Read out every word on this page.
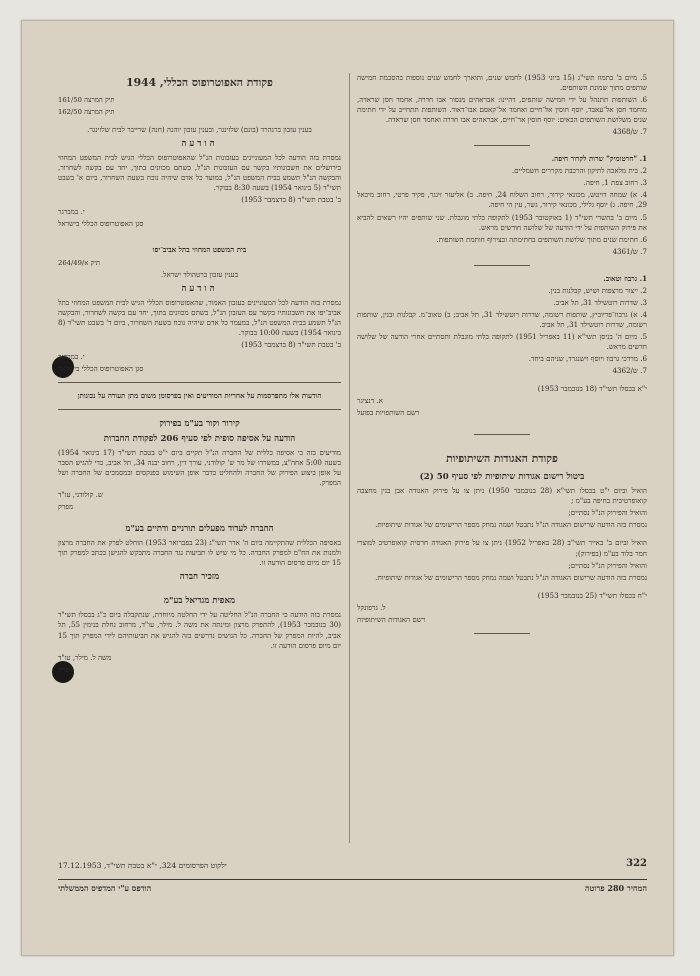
5. מיום ב' בתמוז תשי"ג (15 ביוני 1953) לחמש שנים, ותוארך לחמש שנים נוספות בהסכמת חמישה שותפים מתוך שמונת השותפים.

6. השותפות תתנהל על ידי חמישה שותפים, דהיינו: אבראהים מנסור אבו חדרה, אחמד חסן שראדה, מוחמד חסן אל־עאבד, יוסף חוסין אל־חיים ואחמד אל־קאסם אבו־דאוד. השותפות תתחייב על ידי חתימת שנים משלושת השותפים הבאים: יוסף חוסין אר־חיים, אבראהים אבו חדרה ואחמד חסן שראדה.

7. ש/4368

1. "חרטומיק" שרות לקרור חיפה.

2. בית מלאכה לתיקון והרכבת מקררים חשמליים.

3. רחוב צפת 1, חיפה.

4. א) שמחה דויטש, מכונאי קירור, רחוב השלוח 24, חיפה. ב) אליעזר זינגר, פקיד פרטי, רחוב מיכאל 29, חיפה. ג) יוסף גלילי, מכונאי קירור, גשר, עין הי חיפה.

5. מיום ב' בתשרי תשי"ד (1 באוקטובר 1953) לתקופה בלתי מוגבלת. שני שותפים יהיו רשאים להביא את פירוק השותפות על ידי הודעה של שלושה חודשים מראש.

6. חתימת שנים מתוך שלושת השותפים בחתימתה ובצירוף חותמת השותפות.

7. ש/4361

1. גרבוז וטאוב.

2. ייצור מרצפות ושיש, קבלנות בנין.

3. שדרות רוטשילד 31, תל אביב.

4. א) גרבוז־פריוביץ, שותפות רשומה, שדרות רוטשילד 31, תל אביב; ב) טאוב־מ. קבלנות ובנין, שותפות רשומה, שדרות רוטשילד 31, תל אביב.

5. מיום ה' בניסן תשי"א (11 באפריל 1951) לתקופה בלתי מוגבלת ותסתיים אחרי הודעה של שלושה חדשים מראש.

6. מרדכי גרבוז ויוסף וישנגרד, שניהם ביחד.

7. ש/4362

י"א בכסלו תשי"ד (18 בנובמבר 1953)

א. דנציגר

רשם השותפויות בפועל

פקודת האגודות השיתופיות
ביטול רישום אגודות שיתופיות לפי סעיף 50 (2)

הואיל וביום י"ט בכסלו תשי"א (28 בנובמבר 1950) ניתן צו על פירוק האגודה אבן בנין מחצבה קואופרטיבית בחיפה בע"מ ;

והואיל והפירוק הנ"ל נסתיים;

נמסרת בזה הודעה שרישום האגודה הנ"ל נתבטל ושמה נמחק מספר הרישומים של אגודות שיתופיות.

הואיל וביום ב' באייר תשי"ב (28 באפריל 1952) ניתן צו על פירוק האגודה חרסית קואופרטיב למוצרי חמר בלוד בע"מ (בפירוק);

והואיל והפירוק הנ"ל נסתיים;

נמסרת בזה הודעה שרישום האגודה הנ"ל נתבטל ושמה נמחק מספר הרישומים של אגודות שיתופיות.

י"ח בכסלו תשי"ד (25 בנובמבר 1953)

ל. גרפונקל

רשם האגודות השיתופיות

פקודת האפוטרופוס הכללי, 1944

תיק המרצה 161/50

תיק המרצה 162/50

בענין עזבון ברנהרד (בונם) שלזינגר, ובענין עזבון יוהנה (חנה) שרייבר לבית שלזינגר.

הודעה

נמסרת בזה הודעה לכל המעוניינים בעזבונות הנ"ל שהאפוטרופוס הכללי הגיש לבית המשפט המחוזי בירושלים את חשבונותיו בקשר עם העזבונות הנ"ל, בשתם מכוונים בתוך, יחד עם בקשה לשחרור, והבקשה הנ"ל תשמע בבית המשפט הנ"ל, במועד כל אדם שיהיה נוכח בשעת השחרור, ביום א' בשבט תשי"ד (5 בינואר 1954) בשעה 8:30 בבוקר.

ב' בטבת תשי"ד (8 בדצמבר 1953)

י. במברגר

סגן האפוטרופוס הכללי בישראל

בית המשפט המחוזי בתל אביב־יפו

תיק א/264/49

בענין עזבון ברטהולד ישראל.

הודעה

נמסרת בזה הודעה לכל המעוניינים בעזבון האמור, שהאפוטרופוס הכללי הגיש לבית המשפט המחוזי בתל אביב־יפו את חשבונותיו בקשר עם העזבון הנ"ל, בשתם מכוונים בתוך, יחד עם בקשה לשחרור, והבקשה הנ"ל תשמע בבית המשפט הנ"ל, במעמד כל אדם שיהיה נוכח בשעת השחרור, ביום ד' בשבט תשי"ד (8 בינואר 1954) בשעה 10:00 בבוקר.

ב' בטבת תשי"ד (8 בדצמבר 1953)

י. במברגר

סגן האפוטרופוס הכללי בישראל

הודעות אלו מתפרסמות על אחריות המודיעים ואין בפרסומן משום מתן תעודה על נכונותן

קירור וקור בע"מ בפירוק
הודעה על אסיפה סופית לפי סעיף 206 לפקודת החברות

מודיעים בזה כי אסיפה כללית של החברה הנ"ל תקיים ביום י"ט בטבת תשי"ד (17 בינואר 1954) בשעה 5:00 אחה"צ, במשרדו של מר ש' קולודני, עורך דין, רחוב יבנה 34, תל אביב, כדי להגיש הסבר על אופן ביצוע הפירוק של החברה ולהחליט בדבר אופן השימוש בפנקסים ובמסמכים של החברה ושל המפרק.

ש. קולודני, עו"ד

מפרק

החברה לעדוד מפעלים תורניים ודתיים בע"מ

באסיפה הכללית שהתקיימה ביום ה' אדר תשי"ג (23 בפברואר 1953) הוחלט לפרק את החברה מרצון ולמנות את הח"מ למפרק החברה. כל מי שיש לו תביעות נגד החברה מתבקש להגישן בכתב למפרק תוך 15 יום מיום פרסום הודעה זו.

מזכיר חברה
מאפית מגדיאל בע"מ

נמסרת בזה הודעה כי החברה הנ"ל החליטה על ידי החלטה מיוחדת, שנתקבלה ביום כ"ג בכסלו תשי"ד (30 בנובמבר 1953), להתפרק מרצון ומינתה את משה ל. מילר, עו"ד, מרחוב נחלת בנימין 55, תל אביב, להיות המפרק של החברה. כל הנושים נדרשים בזה להגיש את תביעותיהם לידי המפרק תוך 15 יום מיום פרסום הודעה זו.

משה ל. מילר, עו"ד

מפרק

322
ילקוט הפרסומים 324, י"א בטבת תשי"ד, 17.12.1953
המחיר 280 פרוטה
הודפס ע"י המדפיס הממשלתי
